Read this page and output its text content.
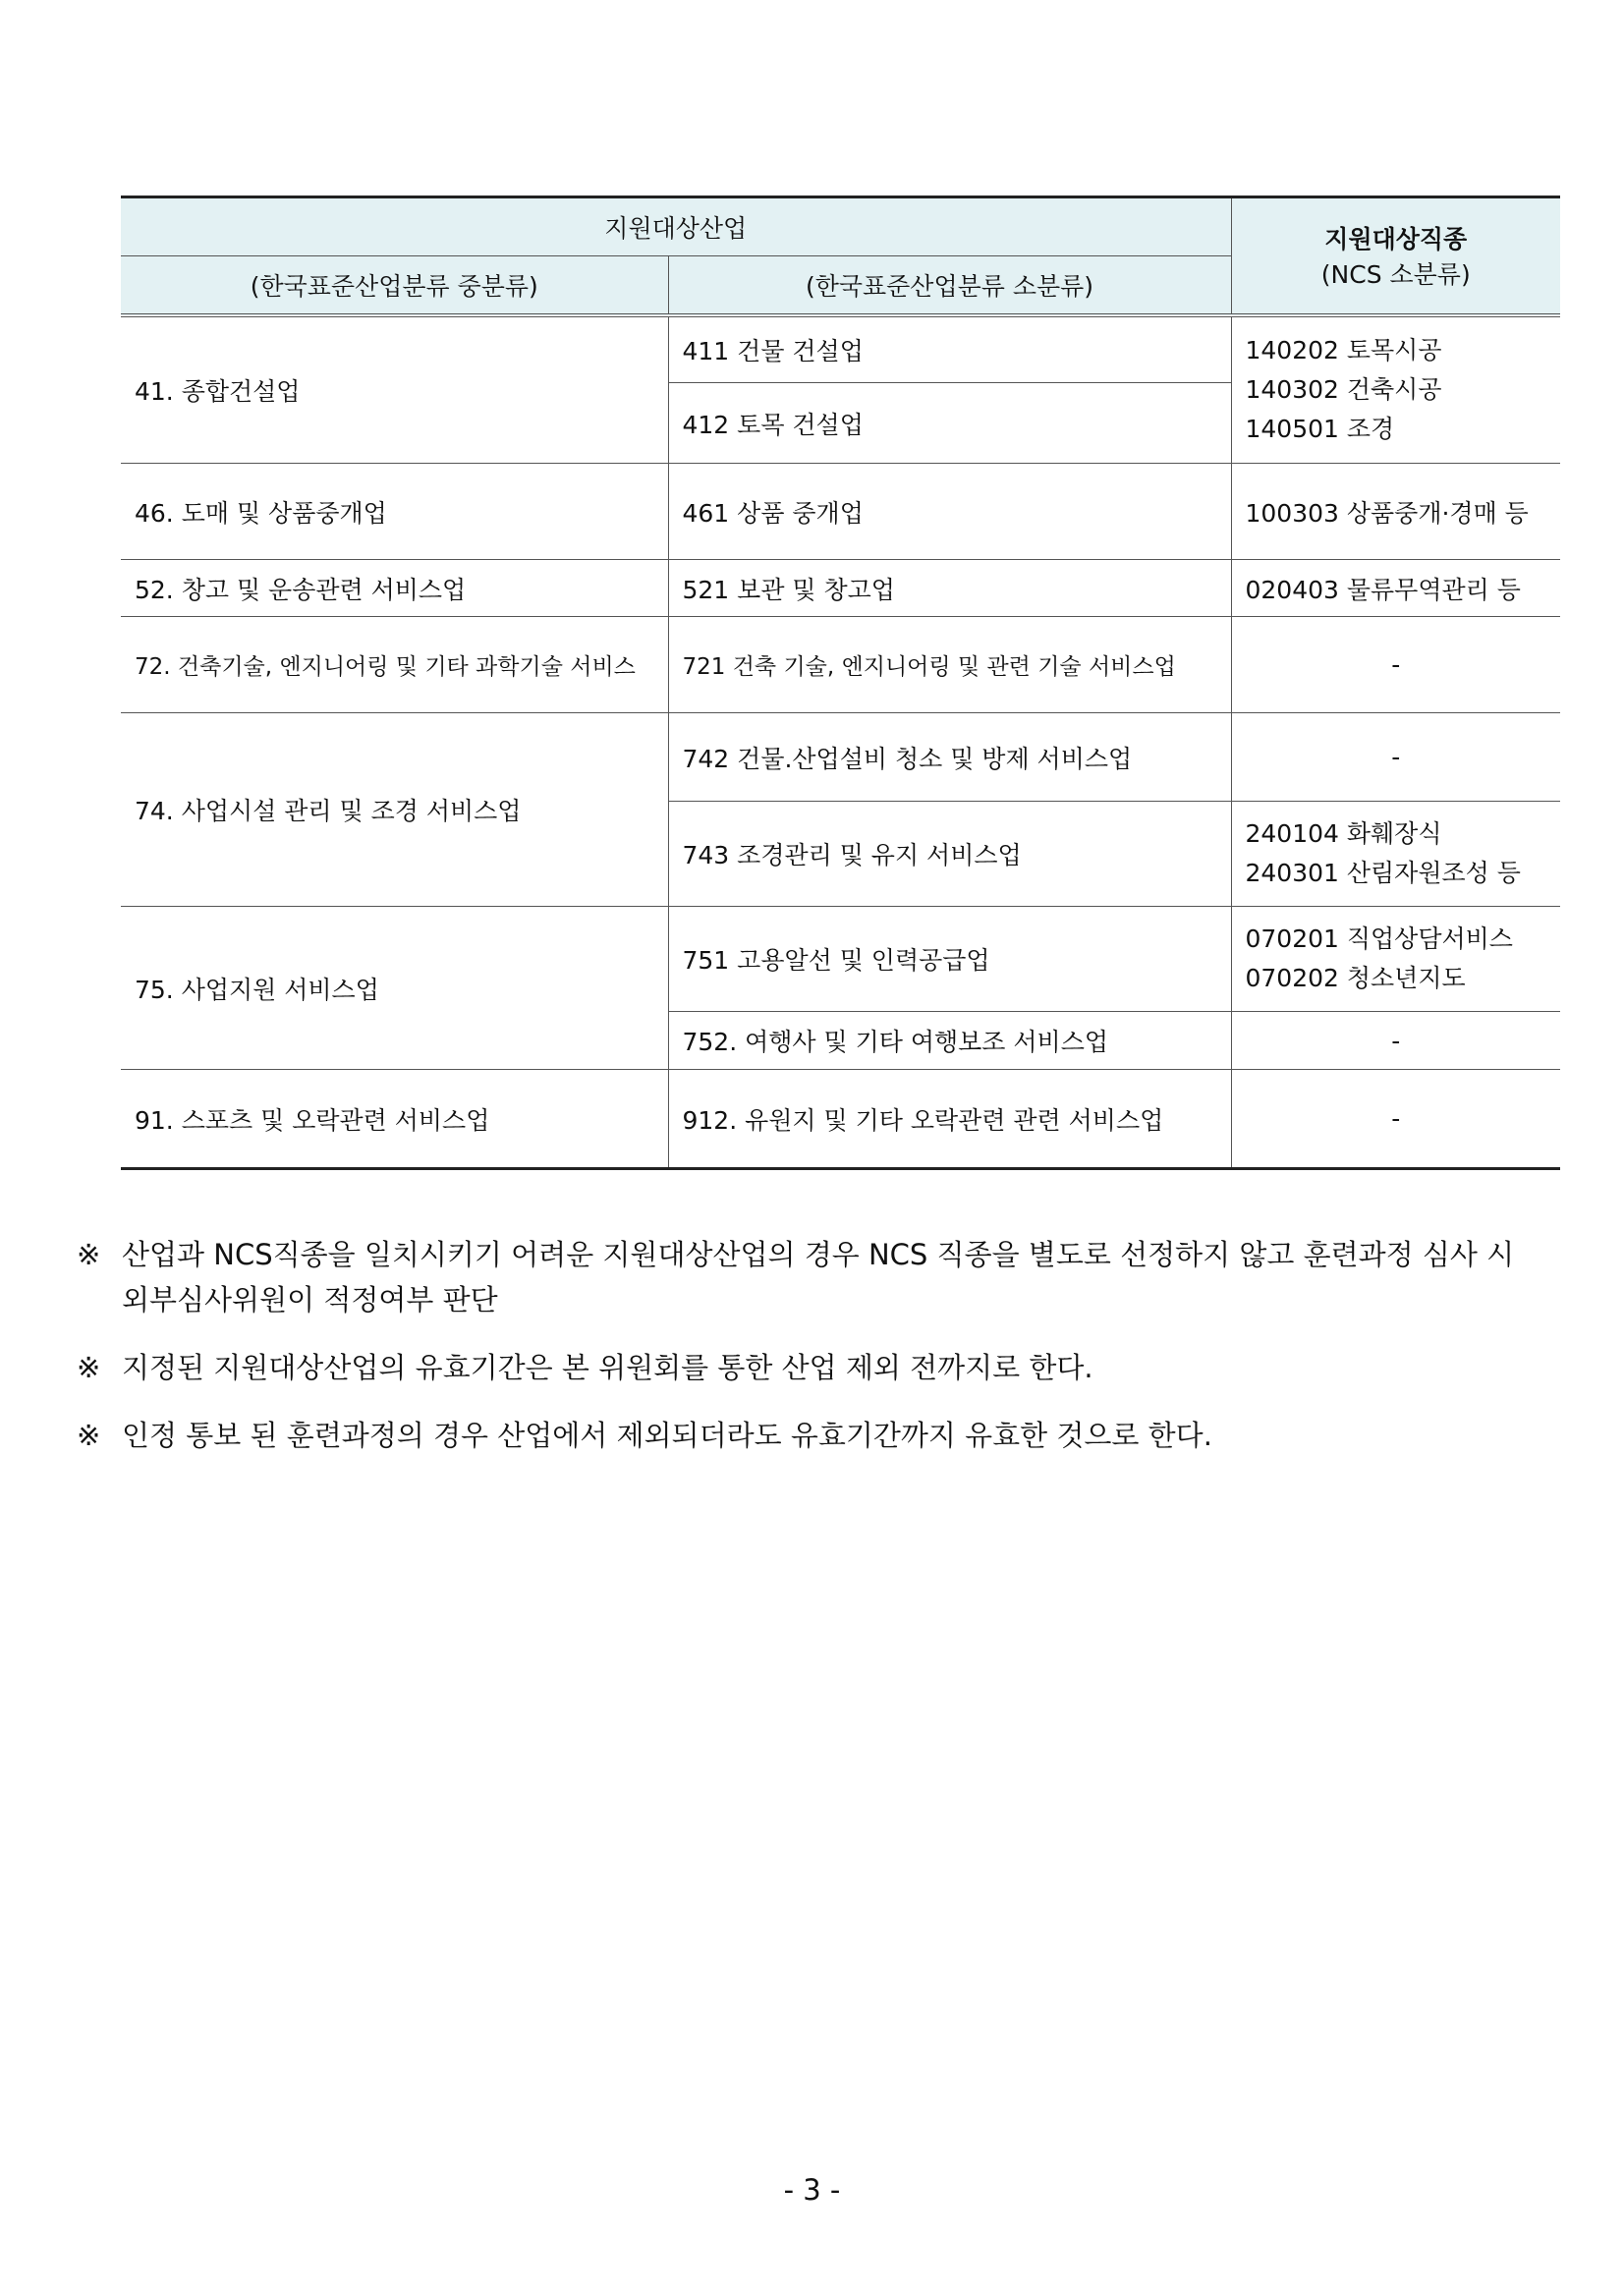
지원대상산업		지원대상직종
(NCS 소분류)

(한국표준산업분류 중분류)	(한국표준산업분류 소분류)	
41. 종합건설업	411 건물 건설업	140202 토목시공
140302 건축시공
140501 조경

	412 토목 건설업	
46. 도매 및 상품중개업	461 상품 중개업	100303 상품중개·경매 등

52. 창고 및 운송관련 서비스업	521 보관 및 창고업	020403 물류무역관리 등

72. 건축기술, 엔지니어링 및 기타 과학기술 서비스	721 건축 기술, 엔지니어링 및 관련 기술 서비스업	-
74. 사업시설 관리 및 조경 서비스업	742 건물.산업설비 청소 및 방제 서비스업	-
	743 조경관리 및 유지 서비스업	240104 화훼장식
240301 산림자원조성 등

75. 사업지원 서비스업	751 고용알선 및 인력공급업	070201 직업상담서비스
070202 청소년지도

	752. 여행사 및 기타 여행보조 서비스업	-
91. 스포츠 및 오락관련 서비스업	912. 유원지 및 기타 오락관련 관련 서비스업	-

※ 산업과 NCS직종을 일치시키기 어려운 지원대상산업의 경우 NCS 직종을 별도로 선정하지 않고 훈련과정 심사 시 외부심사위원이 적정여부 판단

※ 지정된 지원대상산업의 유효기간은 본 위원회를 통한 산업 제외 전까지로 한다.

※ 인정 통보 된 훈련과정의 경우 산업에서 제외되더라도 유효기간까지 유효한 것으로 한다.

- 3 -
